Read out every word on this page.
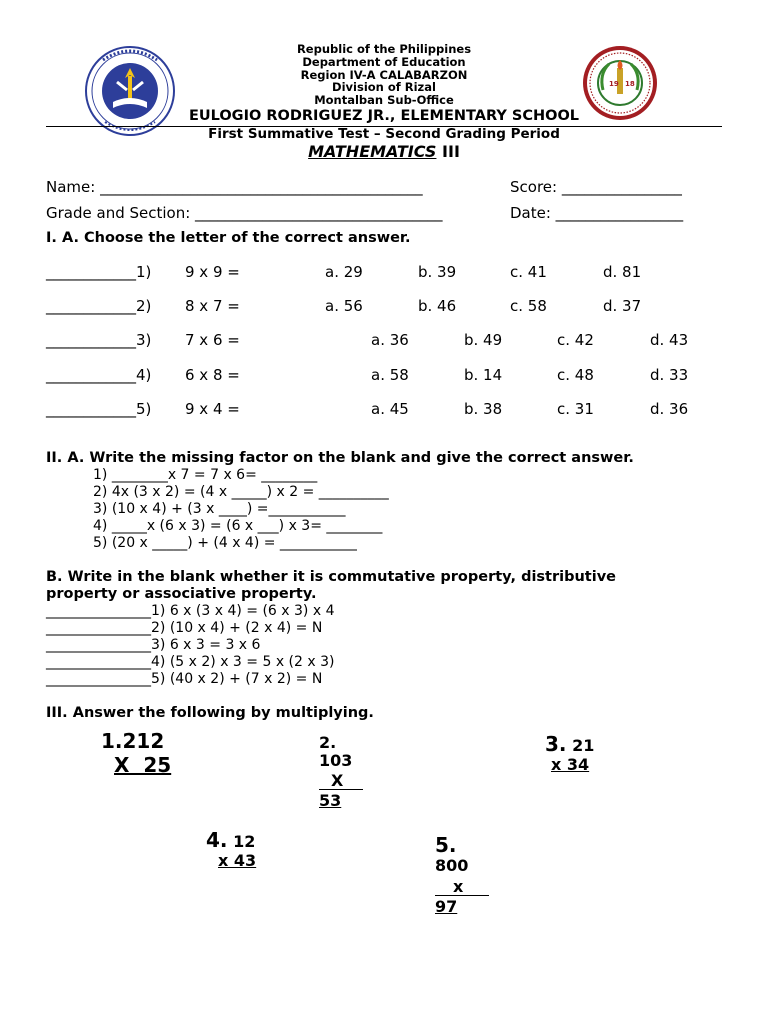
19 18
Republic of the Philippines
Department of Education
Region IV-A CALABARZON
Division of Rizal
Montalban Sub-Office
EULOGIO RODRIGUEZ JR., ELEMENTARY SCHOOL
First Summative Test – Second Grading Period
MATHEMATICS III
Name: ___________________________________________	Score: ________________
Grade and Section: _________________________________	Date: _________________
I. A. Choose the letter of the correct answer.
____________1) 9 x 9 =	a. 29	b. 39	c. 41	d. 81
____________2) 8 x 7 =	a. 56	b. 46	c. 58	d. 37
____________3) 7 x 6 =	a. 36	b. 49	c. 42	d. 43
____________4) 6 x 8 =	a. 58	b. 14	c. 48	d. 33
____________5) 9 x 4 =	a. 45	b. 38	c. 31	d. 36
II. A. Write the missing factor on the blank and give the correct answer.
1) ________x 7 = 7 x 6= ________
2) 4x (3 x 2) = (4 x _____) x 2 = __________
3) (10 x 4) + (3 x ____) =___________
4) _____x (6 x 3) = (6 x ___) x 3= ________
5) (20 x _____) + (4 x 4) = ___________
B. Write in the blank whether it is commutative property, distributive
property or associative property.
_______________1) 6 x (3 x 4) = (6 x 3) x 4
_______________2) (10 x 4) + (2 x 4) = N
_______________3) 6 x 3 = 3 x 6
_______________4) (5 x 2) x 3 = 5 x (2 x 3)
_______________5) (40 x 2) + (7 x 2) = N
III. Answer the following by multiplying.
1.212
X  25
2.
103
X
53
3. 21
x 34
4. 12
x 43
5.
800
x
97
